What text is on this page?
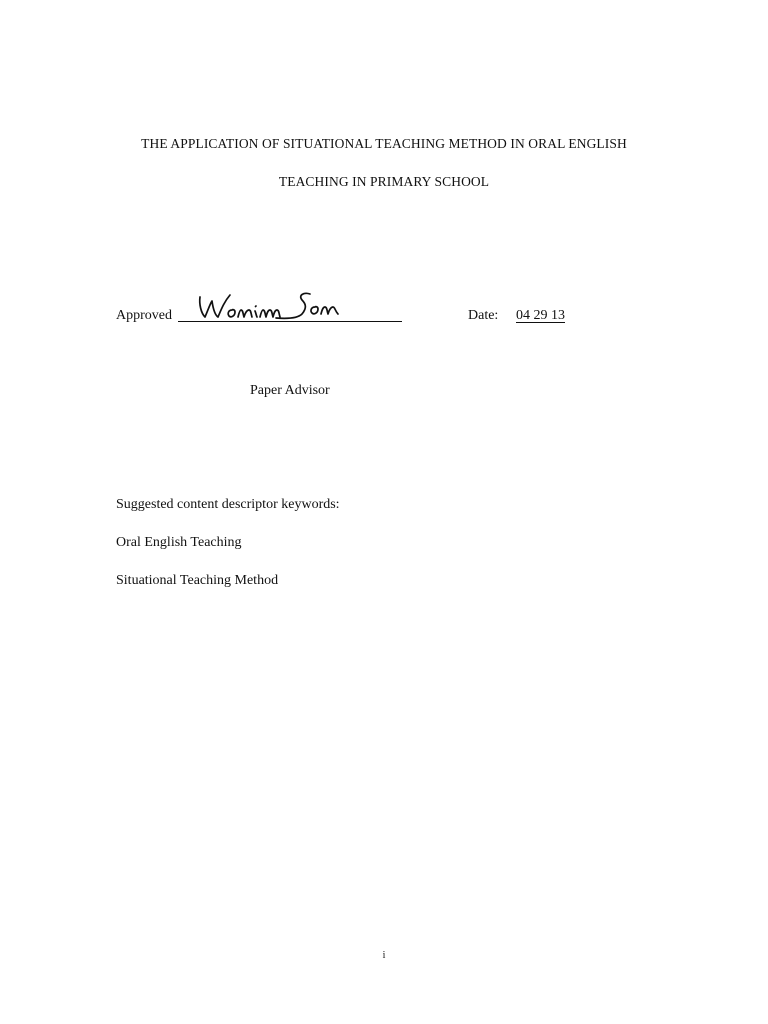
THE APPLICATION OF SITUATIONAL TEACHING METHOD IN ORAL ENGLISH
TEACHING IN PRIMARY SCHOOL
Approved	Date: 04 29 13
Paper Advisor
Suggested content descriptor keywords:
Oral English Teaching
Situational Teaching Method
i
